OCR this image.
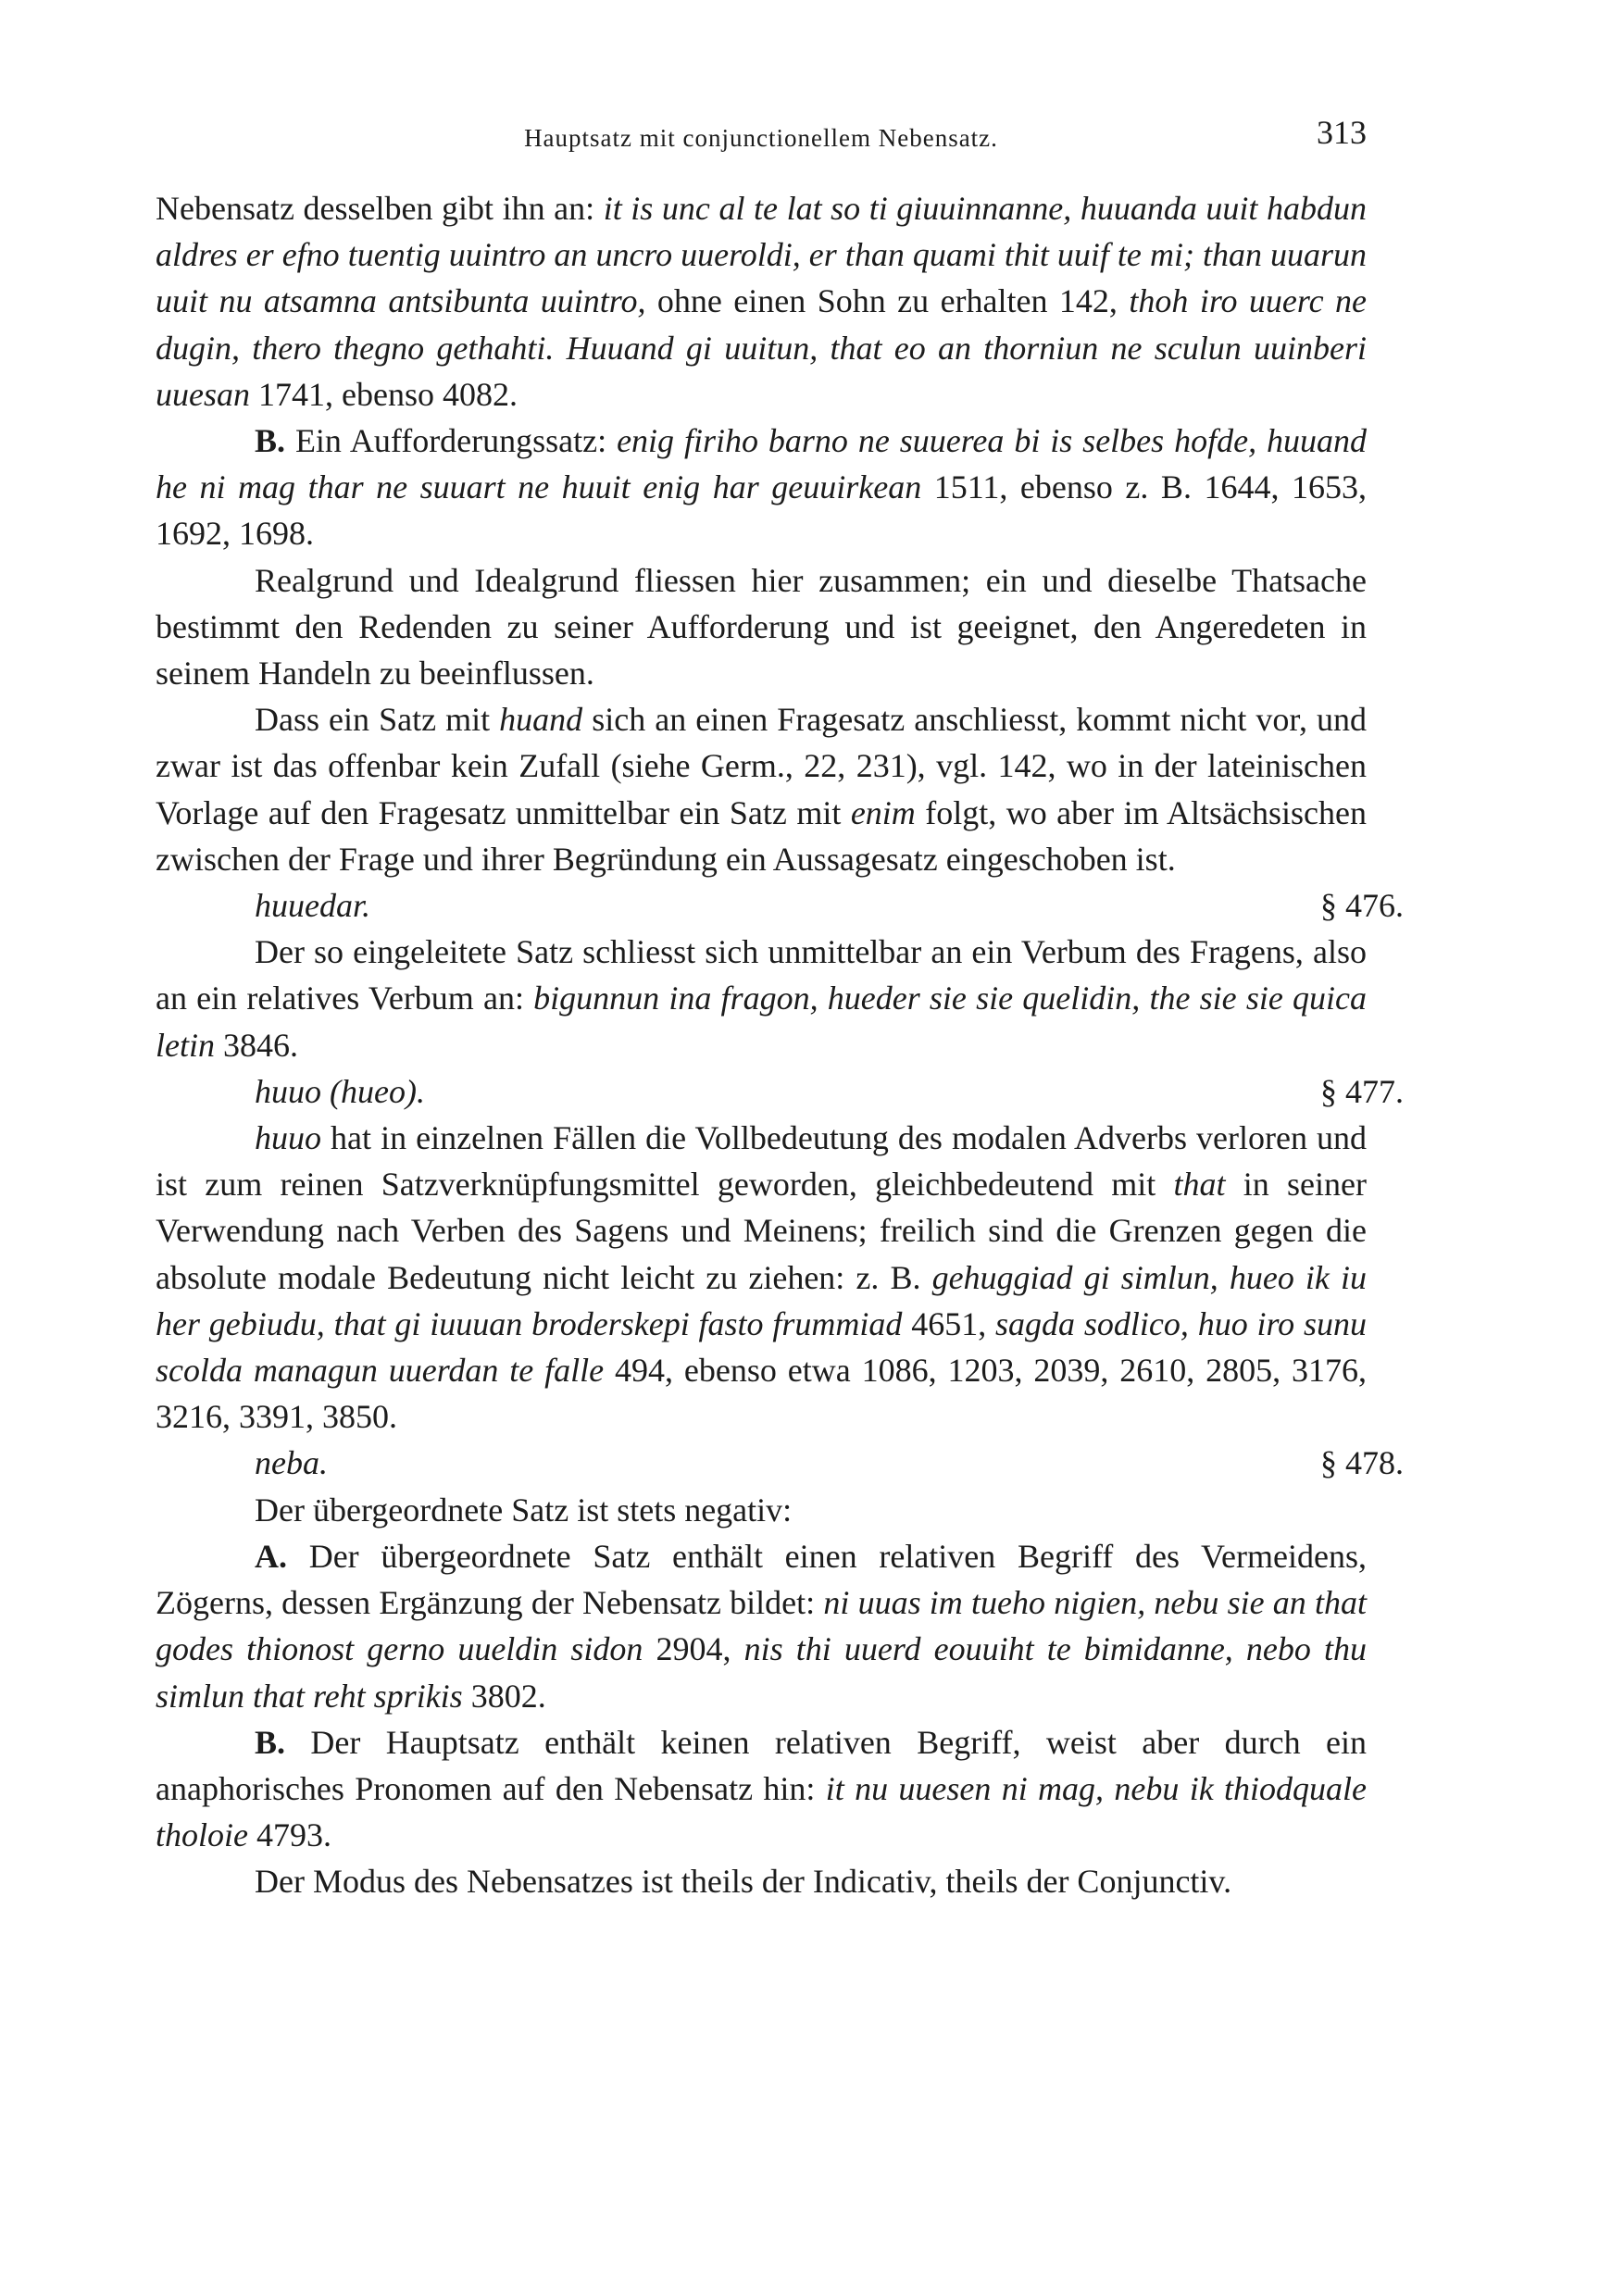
Hauptsatz mit conjunctionellem Nebensatz.	313

Nebensatz desselben gibt ihn an: it is unc al te lat so ti giuuinnanne, huuanda uuit habdun aldres er efno tuentig uuintro an uncro uueroldi, er than quami thit uuif te mi; than uuarun uuit nu atsamna antsibunta uuintro, ohne einen Sohn zu erhalten 142, thoh iro uuerc ne dugin, thero thegno gethahti. Huuand gi uuitun, that eo an thorniun ne sculun uuinberi uuesan 1741, ebenso 4082.

B. Ein Aufforderungssatz: enig firiho barno ne suuerea bi is selbes hofde, huuand he ni mag thar ne suuart ne huuit enig har geuuirkean 1511, ebenso z. B. 1644, 1653, 1692, 1698.

Realgrund und Idealgrund fliessen hier zusammen; ein und dieselbe Thatsache bestimmt den Redenden zu seiner Aufforderung und ist geeignet, den Angeredeten in seinem Handeln zu beeinflussen.

Dass ein Satz mit huand sich an einen Fragesatz anschliesst, kommt nicht vor, und zwar ist das offenbar kein Zufall (siehe Germ., 22, 231), vgl. 142, wo in der lateinischen Vorlage auf den Fragesatz unmittelbar ein Satz mit enim folgt, wo aber im Altsächsischen zwischen der Frage und ihrer Begründung ein Aussagesatz eingeschoben ist.

huuedar.	§ 476.

Der so eingeleitete Satz schliesst sich unmittelbar an ein Verbum des Fragens, also an ein relatives Verbum an: bigunnun ina fragon, hueder sie sie quelidin, the sie sie quica letin 3846.

huuo (hueo).	§ 477.

huuo hat in einzelnen Fällen die Vollbedeutung des modalen Adverbs verloren und ist zum reinen Satzverknüpfungsmittel geworden, gleichbedeutend mit that in seiner Verwendung nach Verben des Sagens und Meinens; freilich sind die Grenzen gegen die absolute modale Bedeutung nicht leicht zu ziehen: z. B. gehuggiad gi simlun, hueo ik iu her gebiudu, that gi iuuuan broderskepi fasto frummiad 4651, sagda sodlico, huo iro sunu scolda managun uuerdan te falle 494, ebenso etwa 1086, 1203, 2039, 2610, 2805, 3176, 3216, 3391, 3850.

neba.	§ 478.

Der übergeordnete Satz ist stets negativ:

A. Der übergeordnete Satz enthält einen relativen Begriff des Vermeidens, Zögerns, dessen Ergänzung der Nebensatz bildet: ni uuas im tueho nigien, nebu sie an that godes thionost gerno uueldin sidon 2904, nis thi uuerd eouuiht te bimidanne, nebo thu simlun that reht sprikis 3802.

B. Der Hauptsatz enthält keinen relativen Begriff, weist aber durch ein anaphorisches Pronomen auf den Nebensatz hin: it nu uuesen ni mag, nebu ik thiodquale tholoie 4793.

Der Modus des Nebensatzes ist theils der Indicativ, theils der Conjunctiv.
